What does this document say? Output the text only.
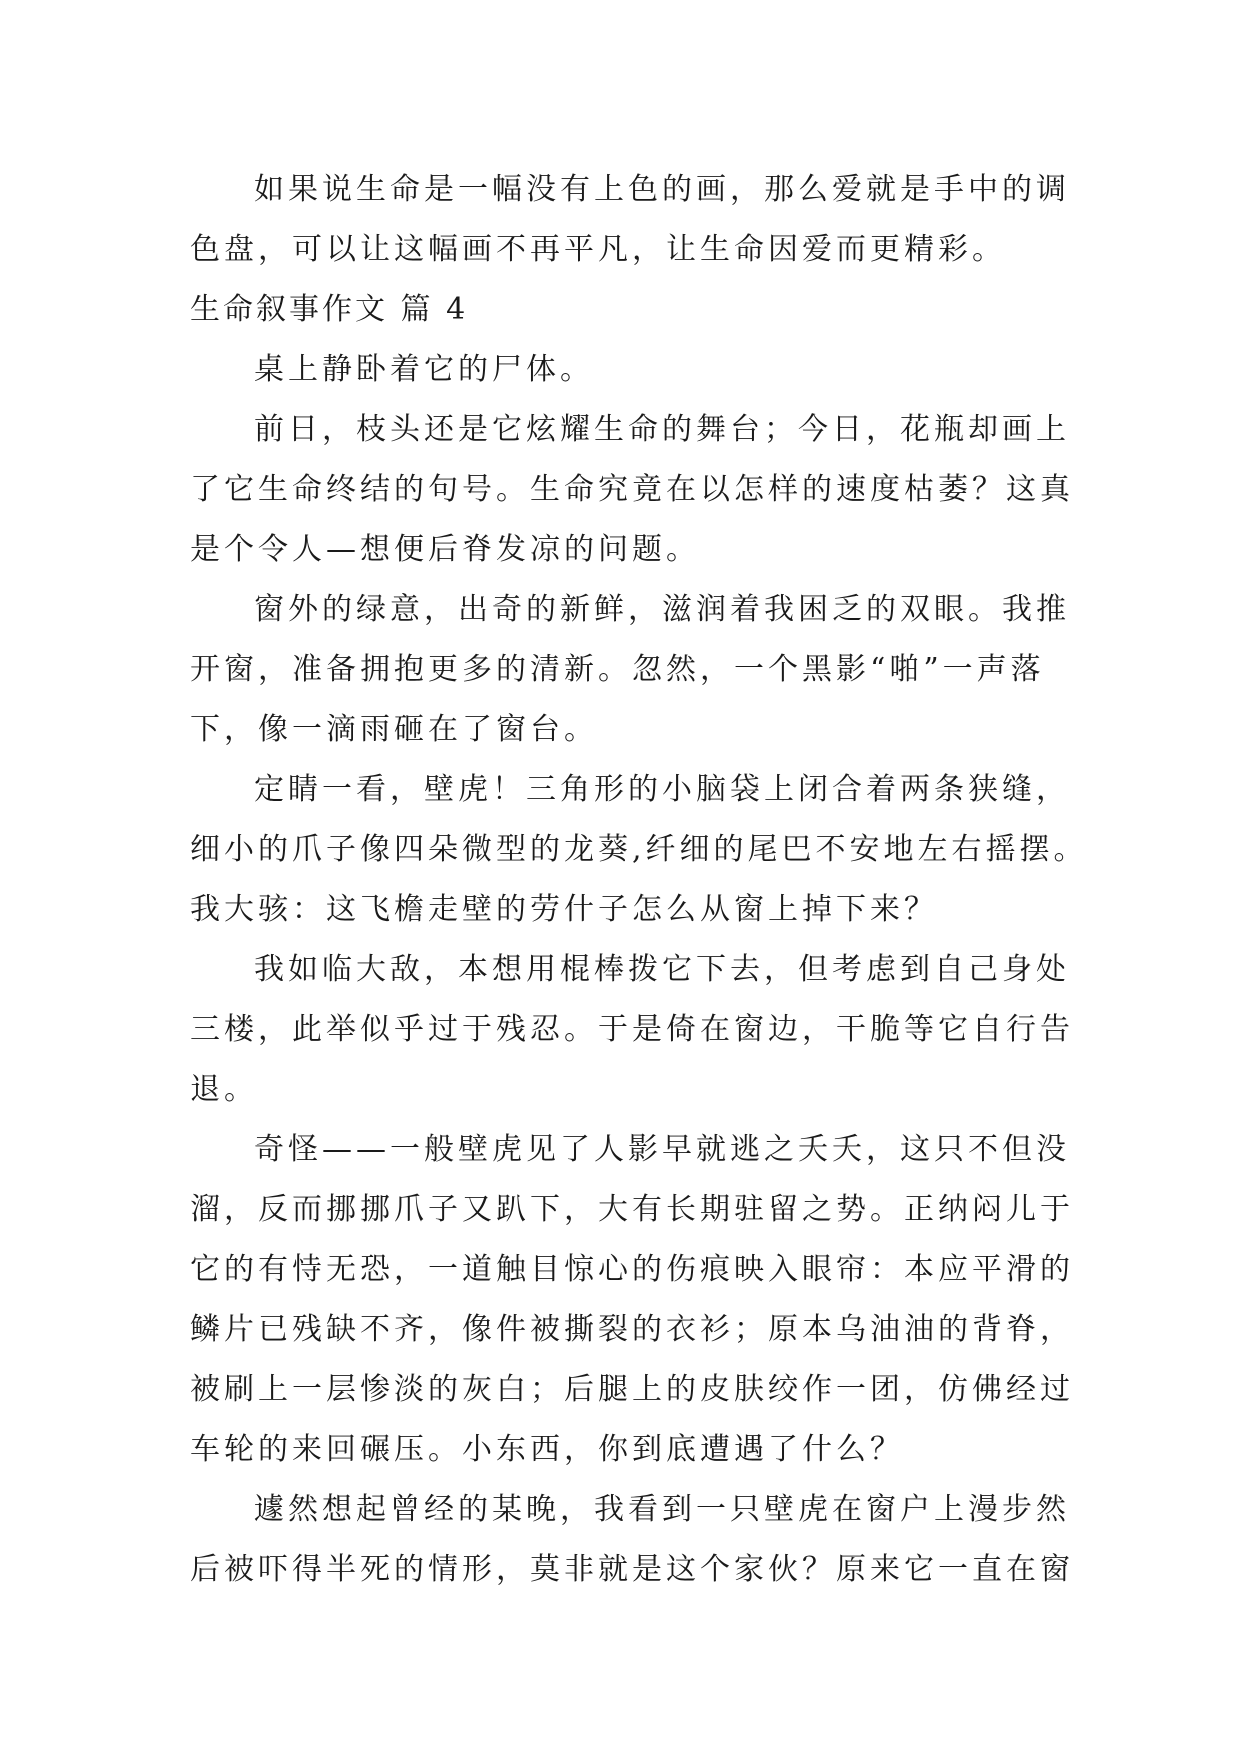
如果说生命是一幅没有上色的画，那么爱就是手中的调
色盘，可以让这幅画不再平凡，让生命因爱而更精彩。
生命叙事作文 篇 4
桌上静卧着它的尸体。
前日，枝头还是它炫耀生命的舞台；今日，花瓶却画上
了它生命终结的句号。生命究竟在以怎样的速度枯萎？这真
是个令人—想便后脊发凉的问题。
窗外的绿意，出奇的新鲜，滋润着我困乏的双眼。我推
开窗，准备拥抱更多的清新。忽然，一个黑影“啪”一声落
下，像一滴雨砸在了窗台。
定睛一看，壁虎！三角形的小脑袋上闭合着两条狭缝，
细小的爪子像四朵微型的龙葵,纤细的尾巴不安地左右摇摆。
我大骇：这飞檐走壁的劳什子怎么从窗上掉下来？
我如临大敌，本想用棍棒拨它下去，但考虑到自己身处
三楼，此举似乎过于残忍。于是倚在窗边，干脆等它自行告
退。
奇怪——一般壁虎见了人影早就逃之夭夭，这只不但没
溜，反而挪挪爪子又趴下，大有长期驻留之势。正纳闷儿于
它的有恃无恐，一道触目惊心的伤痕映入眼帘：本应平滑的
鳞片已残缺不齐，像件被撕裂的衣衫；原本乌油油的背脊，
被刷上一层惨淡的灰白；后腿上的皮肤绞作一团，仿佛经过
车轮的来回碾压。小东西，你到底遭遇了什么？
遽然想起曾经的某晚，我看到一只壁虎在窗户上漫步然
后被吓得半死的情形，莫非就是这个家伙？原来它一直在窗
